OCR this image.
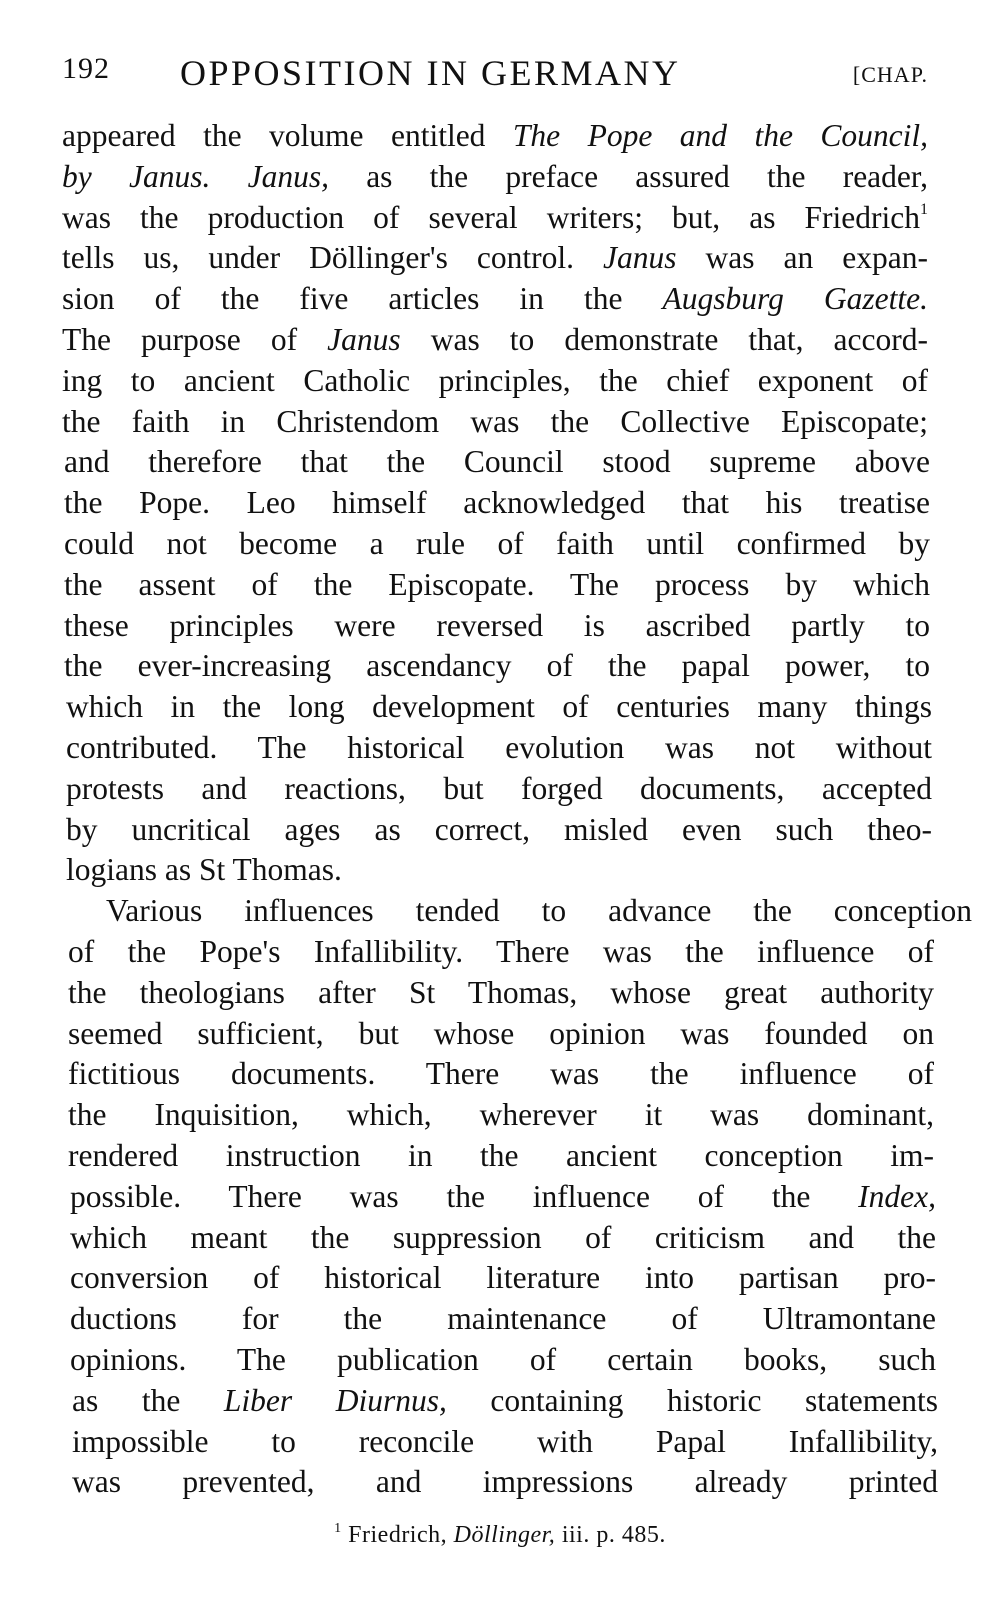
192 OPPOSITION IN GERMANY	[CHAP.
appeared the volume entitled The Pope and the Council,
by Janus. Janus, as the preface assured the reader,
was the production of several writers; but, as Friedrich$^1$
tells us, under Döllinger's control. Janus was an expan-
sion of the five articles in the Augsburg Gazette.
The purpose of Janus was to demonstrate that, accord-
ing to ancient Catholic principles, the chief exponent of
the faith in Christendom was the Collective Episcopate;
and therefore that the Council stood supreme above
the Pope. Leo himself acknowledged that his treatise
could not become a rule of faith until confirmed by
the assent of the Episcopate. The process by which
these principles were reversed is ascribed partly to
the ever-increasing ascendancy of the papal power, to
which in the long development of centuries many things
contributed. The historical evolution was not without
protests and reactions, but forged documents, accepted
by uncritical ages as correct, misled even such theo-
logians as St Thomas.
Various influences tended to advance the conception
of the Pope's Infallibility. There was the influence of
the theologians after St Thomas, whose great authority
seemed sufficient, but whose opinion was founded on
fictitious documents. There was the influence of
the Inquisition, which, wherever it was dominant,
rendered instruction in the ancient conception im-
possible. There was the influence of the Index,
which meant the suppression of criticism and the
conversion of historical literature into partisan pro-
ductions for the maintenance of Ultramontane
opinions. The publication of certain books, such
as the Liber Diurnus, containing historic statements
impossible to reconcile with Papal Infallibility,
was prevented, and impressions already printed
$^1$ Friedrich, Döllinger, iii. p. 485.
